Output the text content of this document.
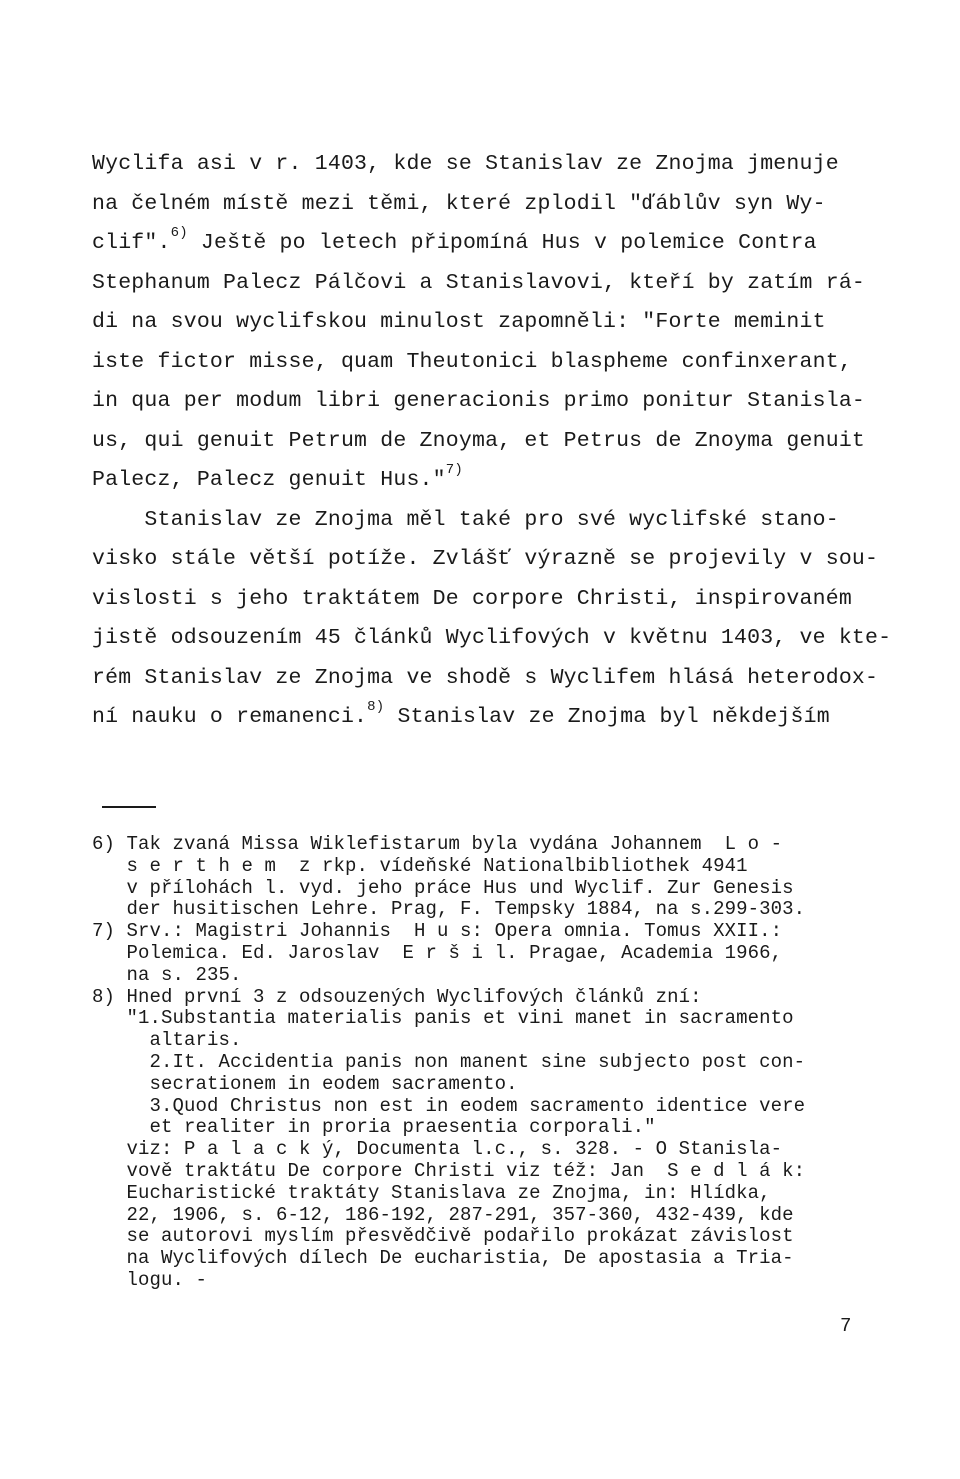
Wyclifa asi v r. 1403, kde se Stanislav ze Znojma jmenuje
na čelném místě mezi těmi, které zplodil "ďáblův syn Wy-
clif".$^{6)}$ Ještě po letech připomíná Hus v polemice Contra
Stephanum Palecz Pálčovi a Stanislavovi, kteří by zatím rá-
di na svou wyclifskou minulost zapomněli: "Forte meminit
iste fictor misse, quam Theutonici blaspheme confinxerant,
in qua per modum libri generacionis primo ponitur Stanisla-
us, qui genuit Petrum de Znoyma, et Petrus de Znoyma genuit
Palecz, Palecz genuit Hus."$^{7)}$
Stanislav ze Znojma měl také pro své wyclifské stano-
visko stále větší potíže. Zvlášť výrazně se projevily v sou-
vislosti s jeho traktátem De corpore Christi, inspirovaném
jistě odsouzením 45 článků Wyclifových v květnu 1403, ve kte-
rém Stanislav ze Znojma ve shodě s Wyclifem hlásá heterodox-
ní nauku o remanenci.$^{8)}$ Stanislav ze Znojma byl někdejším
6) Tak zvaná Missa Wiklefistarum byla vydána Johannem  L o -
s e r t h e m  z rkp. vídeňské Nationalbibliothek 4941
v přílohách l. vyd. jeho práce Hus und Wyclif. Zur Genesis
der husitischen Lehre. Prag, F. Tempsky 1884, na s.299-303.
7) Srv.: Magistri Johannis  H u s: Opera omnia. Tomus XXII.:
Polemica. Ed. Jaroslav  E r š i l. Pragae, Academia 1966,
na s. 235.
8) Hned první 3 z odsouzených Wyclifových článků zní:
"1.Substantia materialis panis et vini manet in sacramento
altaris.
2.It. Accidentia panis non manent sine subjecto post con-
secrationem in eodem sacramento.
3.Quod Christus non est in eodem sacramento identice vere
et realiter in proria praesentia corporali."
viz: P a l a c k ý, Documenta l.c., s. 328. - O Stanisla-
vově traktátu De corpore Christi viz též: Jan  S e d l á k:
Eucharistické traktáty Stanislava ze Znojma, in: Hlídka,
22, 1906, s. 6-12, 186-192, 287-291, 357-360, 432-439, kde
se autorovi myslím přesvědčivě podařilo prokázat závislost
na Wyclifových dílech De eucharistia, De apostasia a Tria-
logu. -
7
